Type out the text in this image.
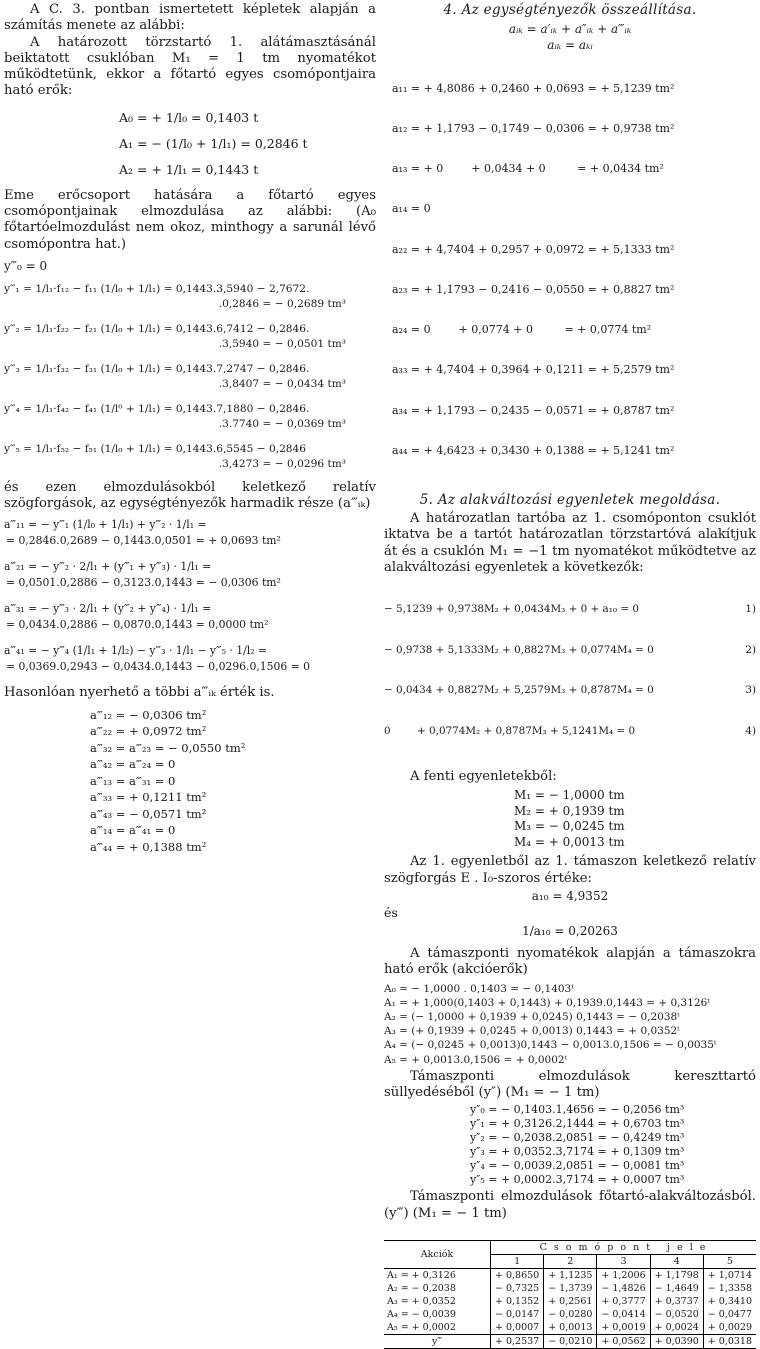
A C. 3. pontban ismertetett képletek alapján a számítás menete az alábbi:

A határozott törzstartó 1. alátámasztásánál beiktatott csuklóban M₁ = 1 tm nyomatékot működtetünk, ekkor a főtartó egyes csomópontjaira ható erők:

A₀ = + 1/l₀ = 0,1403 t
A₁ = − (1/l₀ + 1/l₁) = 0,2846 t
A₂ = + 1/l₁ = 0,1443 t

Eme erőcsoport hatására a főtartó egyes csomópontjainak elmozdulása az alábbi: (A₀ főtartóelmozdulást nem okoz, minthogy a sarunál lévő csomópontra hat.)

y‴₀ = 0
y‴₁ = 1/l₁·f₁₂ − f₁₁ (1/l₀ + 1/l₁) = 0,1443.3,5940 − 2,7672.
.0,2846 = − 0,2689 tm³
y‴₂ = 1/l₁·f₂₂ − f₂₁ (1/l₀ + 1/l₁) = 0,1443.6,7412 − 0,2846.
.3,5940 = − 0,0501 tm³
y‴₃ = 1/l₁·f₃₂ − f₃₁ (1/l₀ + 1/l₁) = 0,1443.7,2747 − 0,2846.
.3,8407 = − 0,0434 tm³
y‴₄ = 1/l₁·f₄₂ − f₄₁ (1/l⁰ + 1/l₁) = 0,1443.7,1880 − 0,2846.
.3.7740 = − 0,0369 tm³
y‴₅ = 1/l₁·f₅₂ − f₅₁ (1/l₀ + 1/l₁) = 0,1443.6,5545 − 0,2846
.3,4273 = − 0,0296 tm³

és ezen elmozdulásokból keletkező relatív szögforgások, az egységtényezők harmadik része (a‴ᵢₖ)

a‴₁₁ = − y‴₁ (1/l₀ + 1/l₁) + y‴₂ · 1/l₁ =
= 0,2846.0,2689 − 0,1443.0,0501 = + 0,0693 tm²
a‴₂₁ = − y‴₂ · 2/l₁ + (y‴₁ + y‴₃) · 1/l₁ =
= 0,0501.0,2886 − 0,3123.0,1443 = − 0,0306 tm²
a‴₃₁ = − y‴₃ · 2/l₁ + (y‴₂ + y‴₄) · 1/l₁ =
= 0,0434.0,2886 − 0,0870.0,1443 = 0,0000 tm²
a‴₄₁ = − y‴₄ (1/l₁ + 1/l₂) − y‴₃ · 1/l₁ − y‴₅ · 1/l₂ =
= 0,0369.0,2943 − 0,0434.0,1443 − 0,0296.0,1506 = 0

Hasonlóan nyerhető a többi a‴ᵢₖ érték is.

a‴₁₂ = − 0,0306 tm²
a‴₂₂ = + 0,0972 tm²
a‴₃₂ = a‴₂₃ = − 0,0550 tm²
a‴₄₂ = a‴₂₄ = 0
a‴₁₃ = a‴₃₁ = 0
a‴₃₃ = + 0,1211 tm²
a‴₄₃ = − 0,0571 tm²
a‴₁₄ = a‴₄₁ = 0
a‴₄₄ = + 0,1388 tm²
4. Az egységtényezők összeállítása.
aᵢₖ = a′ᵢₖ + a″ᵢₖ + a‴ᵢₖ
aᵢₖ = aₖᵢ

a₁₁ = + 4,8086 + 0,2460 + 0,0693 = + 5,1239 tm²

a₁₂ = + 1,1793 − 0,1749 − 0,0306 = + 0,9738 tm²

a₁₃ = + 0        + 0,0434 + 0         = + 0,0434 tm²

a₁₄ = 0

a₂₂ = + 4,7404 + 0,2957 + 0,0972 = + 5,1333 tm²

a₂₃ = + 1,1793 − 0,2416 − 0,0550 = + 0,8827 tm²

a₂₄ = 0        + 0,0774 + 0         = + 0,0774 tm²

a₃₃ = + 4,7404 + 0,3964 + 0,1211 = + 5,2579 tm²

a₃₄ = + 1,1793 − 0,2435 − 0,0571 = + 0,8787 tm²

a₄₄ = + 4,6423 + 0,3430 + 0,1388 = + 5,1241 tm²

5. Az alakváltozási egyenletek megoldása.

A határozatlan tartóba az 1. csomóponton csuklót iktatva be a tartót határozatlan törzstartóvá alakítjuk át és a csuklón M₁ = −1 tm nyomatékot működtetve az alakváltozási egyenletek a következők:

− 5,1239 + 0,9738M₂ + 0,0434M₃ + 0 + a₁₀ = 0	1)

− 0,9738 + 5,1333M₂ + 0,8827M₃ + 0,0774M₄ = 0	2)

− 0,0434 + 0,8827M₂ + 5,2579M₃ + 0,8787M₄ = 0	3)

0        + 0,0774M₂ + 0,8787M₃ + 5,1241M₄ = 0	4)

A fenti egyenletekből:

M₁ = − 1,0000 tm
M₂ = + 0,1939 tm
M₃ = − 0,0245 tm
M₄ = + 0,0013 tm

Az 1. egyenletből az 1. támaszon keletkező relatív szögforgás E . I₀-szoros értéke:

a₁₀ = 4,9352
és
1/a₁₀ = 0,20263

A támaszponti nyomatékok alapján a támaszokra ható erők (akcióerők)

A₀ = − 1,0000 . 0,1403 = − 0,1403ᵗ
A₁ = + 1,000(0,1403 + 0,1443) + 0,1939.0,1443 = + 0,3126ᵗ
A₂ = (− 1,0000 + 0,1939 + 0,0245) 0,1443 = − 0,2038ᵗ
A₃ = (+ 0,1939 + 0,0245 + 0,0013) 0,1443 = + 0,0352ᵗ
A₄ = (− 0,0245 + 0,0013)0,1443 − 0,0013.0,1506 = − 0,0035ᵗ
A₅ = + 0,0013.0,1506 = + 0,0002ᵗ

Támaszponti elmozdulások kereszttartó süllyedéséből (y″) (M₁ = − 1 tm)

y″₀ = − 0,1403.1,4656 = − 0,2056 tm³
y″₁ = + 0,3126.2,1444 = + 0,6703 tm³
y″₂ = − 0,2038.2,0851 = − 0,4249 tm³
y″₃ = + 0,0352.3,7174 = + 0,1309 tm³
y″₄ = − 0,0039.2,0851 = − 0,0081 tm³
y″₅ = + 0,0002.3,7174 = + 0,0007 tm³

Támaszponti elmozdulások főtartó-alakváltozásból. (y‴) (M₁ = − 1 tm)

Akciók	C s o m ó p o n t   j e l e				
	1	2	3	4	5
A₁ = + 0,3126	+ 0,8650	+ 1,1235	+ 1,2006	+ 1,1798	+ 1,0714
A₂ = − 0,2038	− 0,7325	− 1,3739	− 1,4826	− 1,4649	− 1,3358
A₃ = + 0,0352	+ 0,1352	+ 0,2561	+ 0,3777	+ 0,3737	+ 0,3410
A₄ = − 0,0039	− 0,0147	− 0,0280	− 0,0414	− 0,0520	− 0,0477
A₅ = + 0,0002	+ 0,0007	+ 0,0013	+ 0,0019	+ 0,0024	+ 0,0029
y‴	+ 0,2537	− 0,0210	+ 0,0562	+ 0,0390	+ 0,0318
